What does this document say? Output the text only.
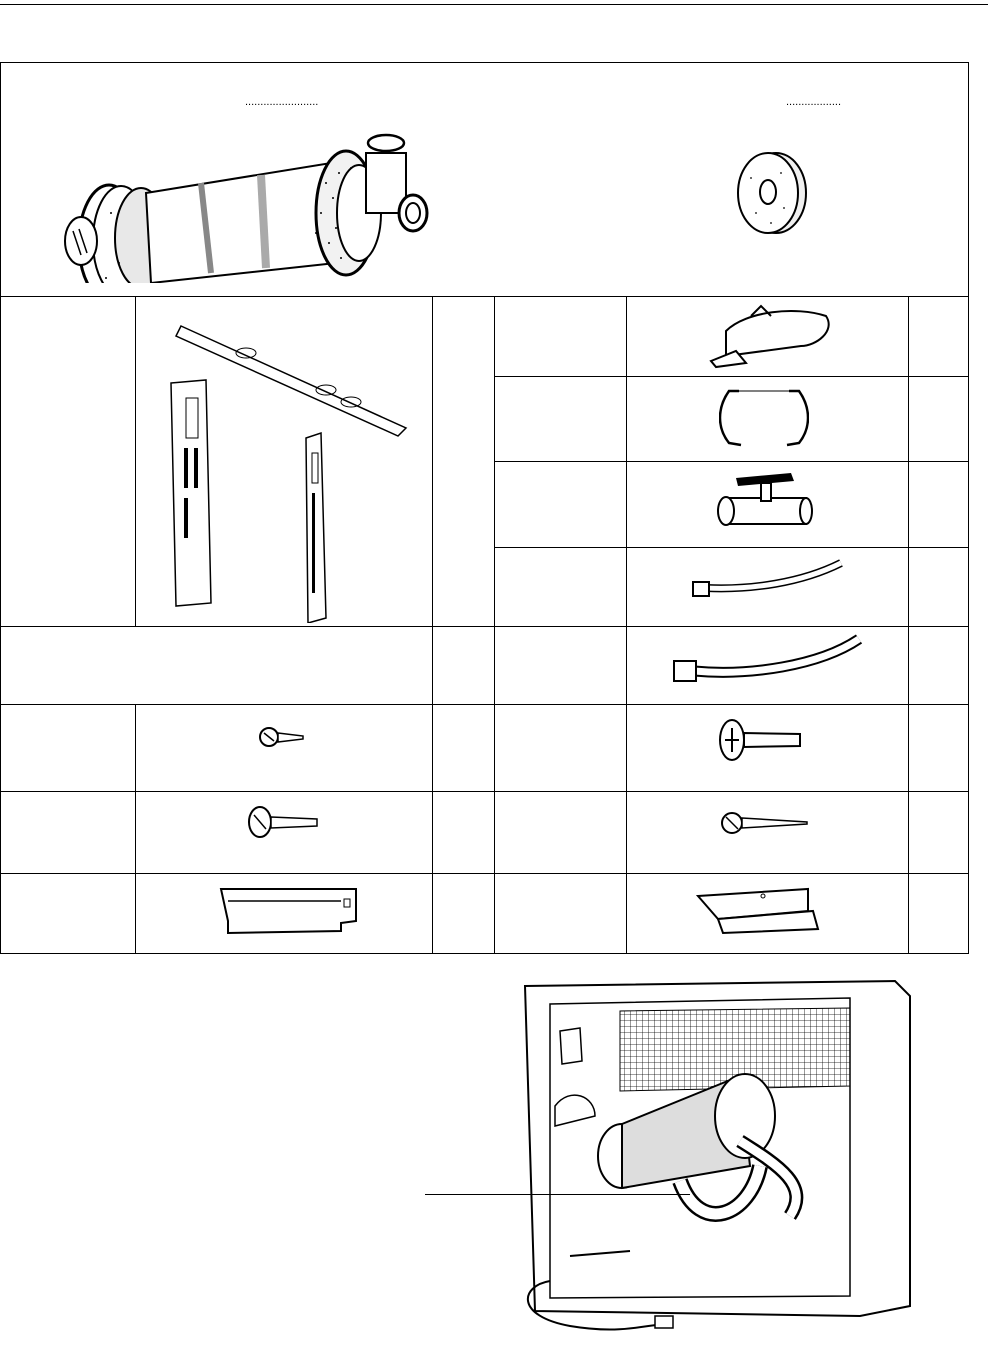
........................	..................
